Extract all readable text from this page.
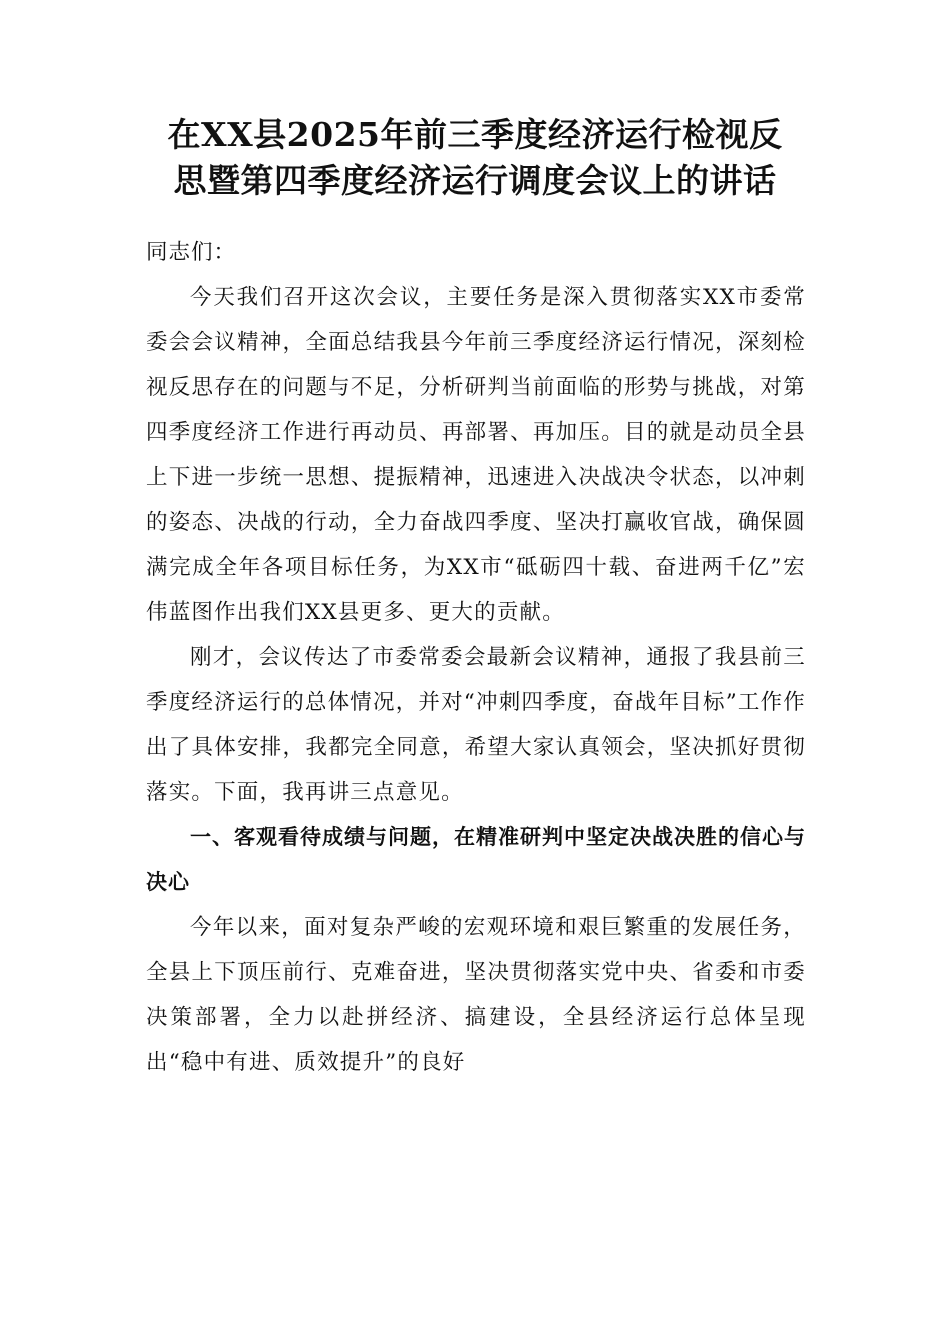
在XX县2025年前三季度经济运行检视反
思暨第四季度经济运行调度会议上的讲话

同志们：

今天我们召开这次会议，主要任务是深入贯彻落实XX市委常委会会议精神，全面总结我县今年前三季度经济运行情况，深刻检视反思存在的问题与不足，分析研判当前面临的形势与挑战，对第四季度经济工作进行再动员、再部署、再加压。目的就是动员全县上下进一步统一思想、提振精神，迅速进入决战决令状态，以冲刺的姿态、决战的行动，全力奋战四季度、坚决打赢收官战，确保圆满完成全年各项目标任务，为XX市“砥砺四十载、奋进两千亿”宏伟蓝图作出我们XX县更多、更大的贡献。

刚才，会议传达了市委常委会最新会议精神，通报了我县前三季度经济运行的总体情况，并对“冲刺四季度，奋战年目标”工作作出了具体安排，我都完全同意，希望大家认真领会，坚决抓好贯彻落实。下面，我再讲三点意见。

一、客观看待成绩与问题，在精准研判中坚定决战决胜的信心与决心

今年以来，面对复杂严峻的宏观环境和艰巨繁重的发展任务，全县上下顶压前行、克难奋进，坚决贯彻落实党中央、省委和市委决策部署，全力以赴拼经济、搞建设，全县经济运行总体呈现出“稳中有进、质效提升”的良好
